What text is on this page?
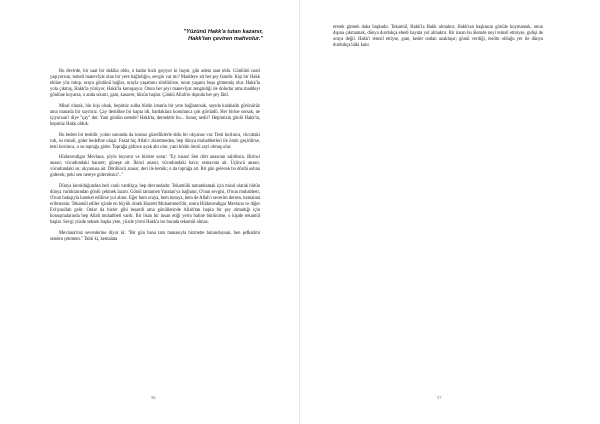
"Yüzünü Hakk'a tutan kazanır,
Hakk'tan çeviren mahvolur."

Bu devirde, bir saat bir dakika oldu, o kadar hızlı geçiyor ki hayat, gün adeta saat oldu. Gönlünü nasıl yaşıyorsun, temeli manevîyat olan bir yere bağlıdığın, sevgin var mı? Maddeye ait her şey fanidir. Kişi bir Hakk ehline yüz tutup, oraya gönlünü bağlar, orayla yaşamını sürdürürse, onun yaşamı boşa gitmemiş olur. Hakk'la yola çıkmış, Hakk'la yürüyor, Hakk'la konuşuyor. Onun her şeyi manevîyat zenginliği ile doludur ama maddeyi gönlüne koyarsa, o anda sıkıntı, gam, kasavet, hüzün başlar. Çünkü Allah'ın dışında her şey fânî.

Misal olarak, bin kişi olsak, hepimiz sulha bütün imanla bir yere bağlanırsak, sayıda kalabalık görünürüz ama manada bir sayılırız. Çay demlikte bir kapta idi, bardaklara konulunca çok göründü. Her birine sorsak, ne içiyorsun? diye "çay" der. Yani gönlün nerede? Hakk'ta, demekttir bu... Sonuç nedir? Hepimizin gönlü Hakk'ta, hepimiz Hakk olduk.

Bu beden bir testidir, yolun sonunda da sonsuz güzelliklerle dolu bir okyanus var. Testi kırılınca, vücuttaki ruh, su misali, gider hedefine ulaşır. Fakat hiç Allah'ı zikretmeden, hep dünya muhabbetleri ile ömür geçirilirse, testi kırılınca, o su toprağa gider. Toprağa gidince ayak altı olur, yani bütün ömrü zayi olmuş olur.

Hüdavendigar Mevlana, şöyle buyurur ve bizlere sorar: "Ey insan! Sen dört anasının sahibisin. Birinci anasır, vücudundaki hararet; güneşe ait. İkinci anasır, vücudundaki hava; semavata ait. Üçüncü anasır, vücudundaki su; okyanusa ait. Dördüncü anasır, deri ile kemik; o da toprağa ait. Bir gün gelecek bu dördü aslına gidecek; peki sen nereye gideceksin?.."

Dünya kurulduğundan beri canlı vardıkça; hep devrandadır. Tekamülü tamamlamak için misal olarak bütün dünya varlıklarından gönlü çekmek lazım. Gönül tamamen Yaratan'ya bağlanır, O'nun sevgisi, O'nun muhabbeti, O'nun bakışıyla hareket edilirse yol alınır. Eğer hem oraya, hem buraya, hem de Allah'ı severim dersen, kemalata erilmezsin. Tekamül ediler içinde en büyük örnek Hazreti Muhammed'dir, sonra Hüdavendigar Mevlana ve diğer Evliyaullah gelir. Onlar da bizler gibi beşerdi ama gönüllerinde Allah'tan başka bir şey olmadığı için konuşmalarında hep Allah muhabbeti vardı. Bir lisan bir insan etiği yerin haline bürünürse, o kişide tekamül başlar. Sevgi yüzde seksen başka yere, yüzde yirmi Hakk'a ise burada tekamül olmaz.

Mevlana'mız sevenlerine diyor ki: "Bir gün bana tam manasıyla hizmette bulunduysan, ben şefkatimi senden çekmem." Tabii ki, kemalata

56

ererek gitmek daha başkadır. Tekamül, Hakk'la Hakk olmaktır, Hakk'tan başkasını gönüle koymamak, onun dışına çıkmamak, dünya durdukça ebedi hayata yol almaktır. Bir insan bu âlemde neyi temsil etmiyse, gidişi de oraya değil. Hakk'ı temsil ettiyse, gam, keder ondan uzaklaşır; gönül verdiği, teslim olduğu yer ile dünya durdukça bâki kalır.

57
